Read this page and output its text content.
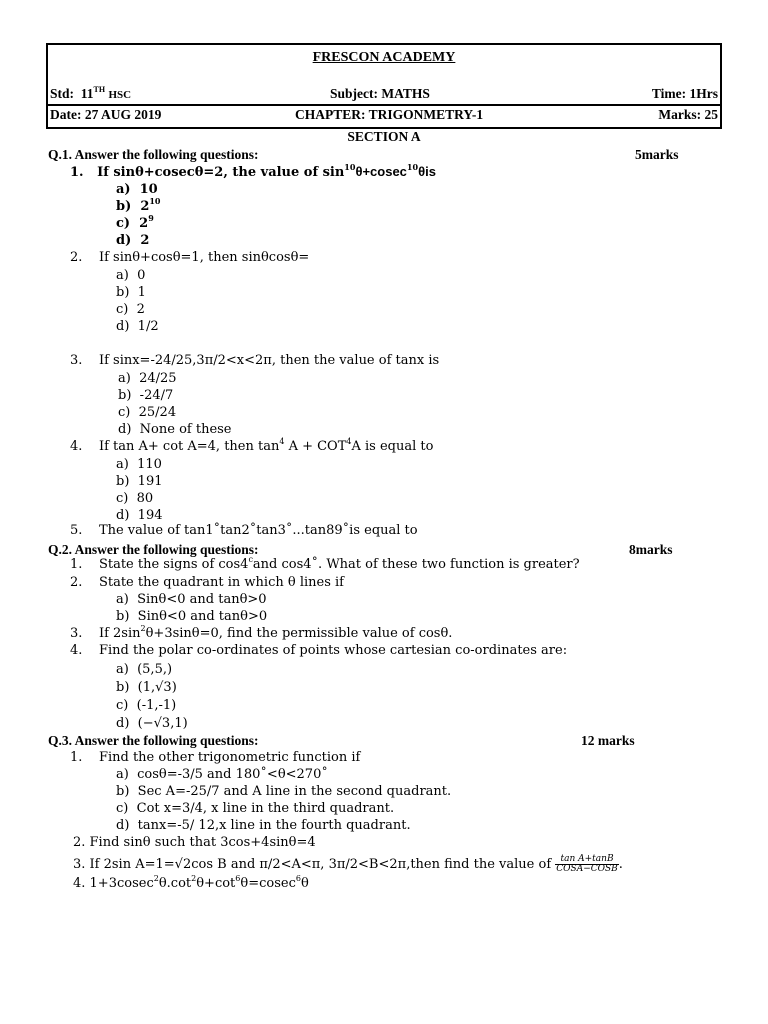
FRESCON ACADEMY
Std: 11TH HSC	Subject: MATHS	Time: 1Hrs
Date: 27 AUG 2019	CHAPTER: TRIGONMETRY-1	Marks: 25
SECTION A
Q.1. Answer the following questions:	5marks
1. If sinθ+cosecθ=2, the value of $\sin^{10}\theta+cosec^{10}\theta is$
a) 10
b) $2^{10}$
c) $2^9$
d) 2
2. If sinθ+cosθ=1, then sinθcosθ=
a) 0
b) 1
c) 2
d) 1/2
3. If sinx=-24/25,3π/2<x<2π, then the value of tanx is
a) 24/25
b) -24/7
c) 25/24
d) None of these
4. If tan A+ cot A=4, then $\tan^4 A + COT^4A$ is equal to
a) 110
b) 191
c) 80
d) 194
5. The value of tan1˚tan2˚tan3˚...tan89˚is equal to
Q.2. Answer the following questions:	8marks
1. State the signs of cos4$^c$and cos4˚. What of these two function is greater?
2. State the quadrant in which θ lines if
a) Sinθ<0 and tanθ>0
b) Sinθ<0 and tanθ>0
3. If $2\sin^2\theta+3\sin\theta=0$, find the permissible value of cosθ.
4. Find the polar co-ordinates of points whose cartesian co-ordinates are:
a) (5,5,)
b) (1,√3)
c) (-1,-1)
d) (−√3,1)
Q.3. Answer the following questions:	12 marks
1. Find the other trigonometric function if
a) cosθ=-3/5 and 180˚<θ<270˚
b) Sec A=-25/7 and A line in the second quadrant.
c) Cot x=3/4, x line in the third quadrant.
d) tanx=-5/ 12,x line in the fourth quadrant.
2. Find sinθ such that 3cos+4sinθ=4
3. If 2sin A=1=√2cos B and π/2<A<π, 3π/2<B<2π,then find the value of $\frac{\text{tan A+tanB}}{\text{COSA−COSB}}$ .
4. $1+3cosec^2\theta.\cot^2\theta+\cot^6\theta=cosec^6\theta$
